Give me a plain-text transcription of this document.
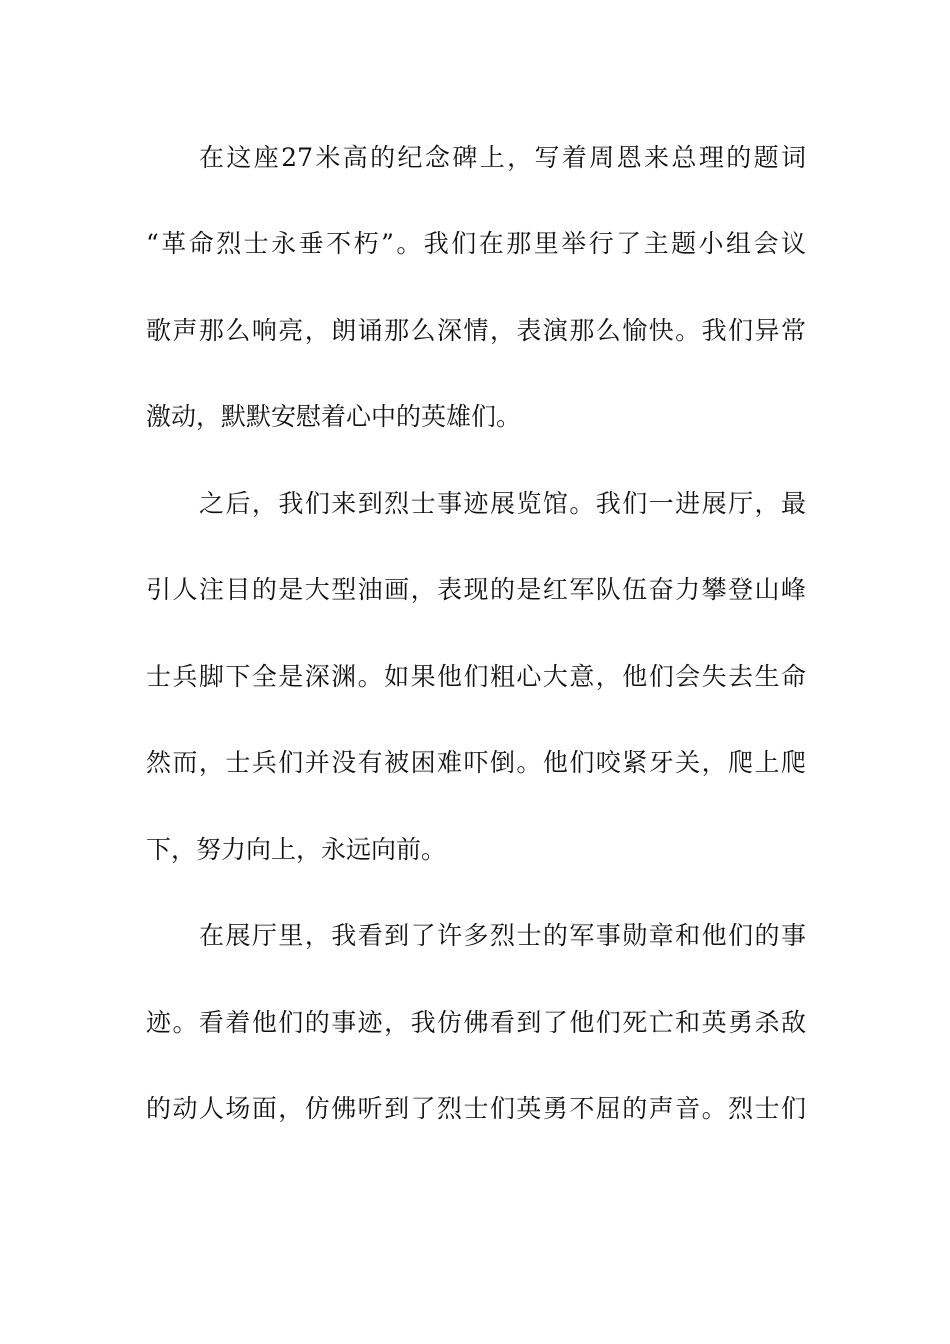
在这座27米高的纪念碑上，写着周恩来总理的题词
“革命烈士永垂不朽”。我们在那里举行了主题小组会议
歌声那么响亮，朗诵那么深情，表演那么愉快。我们异常
激动，默默安慰着心中的英雄们。
之后，我们来到烈士事迹展览馆。我们一进展厅，最
引人注目的是大型油画，表现的是红军队伍奋力攀登山峰
士兵脚下全是深渊。如果他们粗心大意，他们会失去生命
然而，士兵们并没有被困难吓倒。他们咬紧牙关，爬上爬
下，努力向上，永远向前。
在展厅里，我看到了许多烈士的军事勋章和他们的事
迹。看着他们的事迹，我仿佛看到了他们死亡和英勇杀敌
的动人场面，仿佛听到了烈士们英勇不屈的声音。烈士们
